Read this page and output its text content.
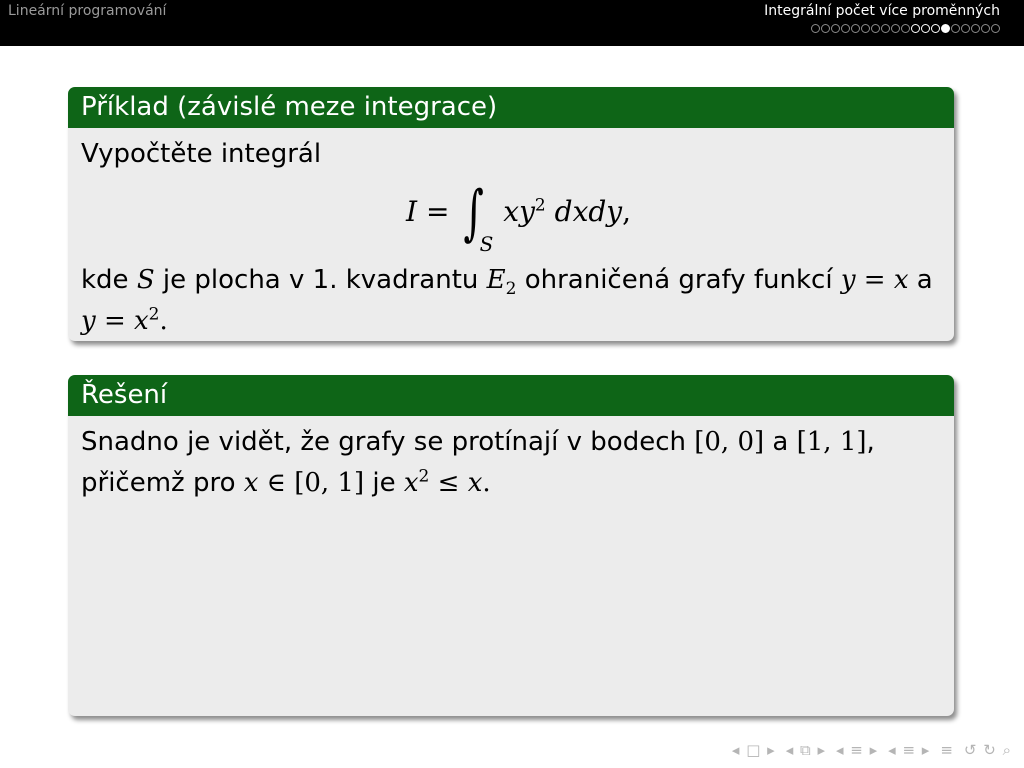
Lineární programování	Integrální počet více proměnných
Příklad (závislé meze integrace)
Vypočtěte integrál
I = ∫Sxy$^2$ dxdy,
kde S je plocha v 1. kvadrantu $E_2$ ohraničená grafy funkcí y = x a
$y = x^2$.
Řešení
Snadno je vidět, že grafy se protínají v bodech [0, 0] a [1, 1],
přičemž pro x ∈ [0, 1] je $x^2 \le x$.
◂ □ ▸ ◂ ⧉ ▸ ◂ ≡ ▸ ◂ ≡ ▸ ≡ ↺ ↻ ⌕
